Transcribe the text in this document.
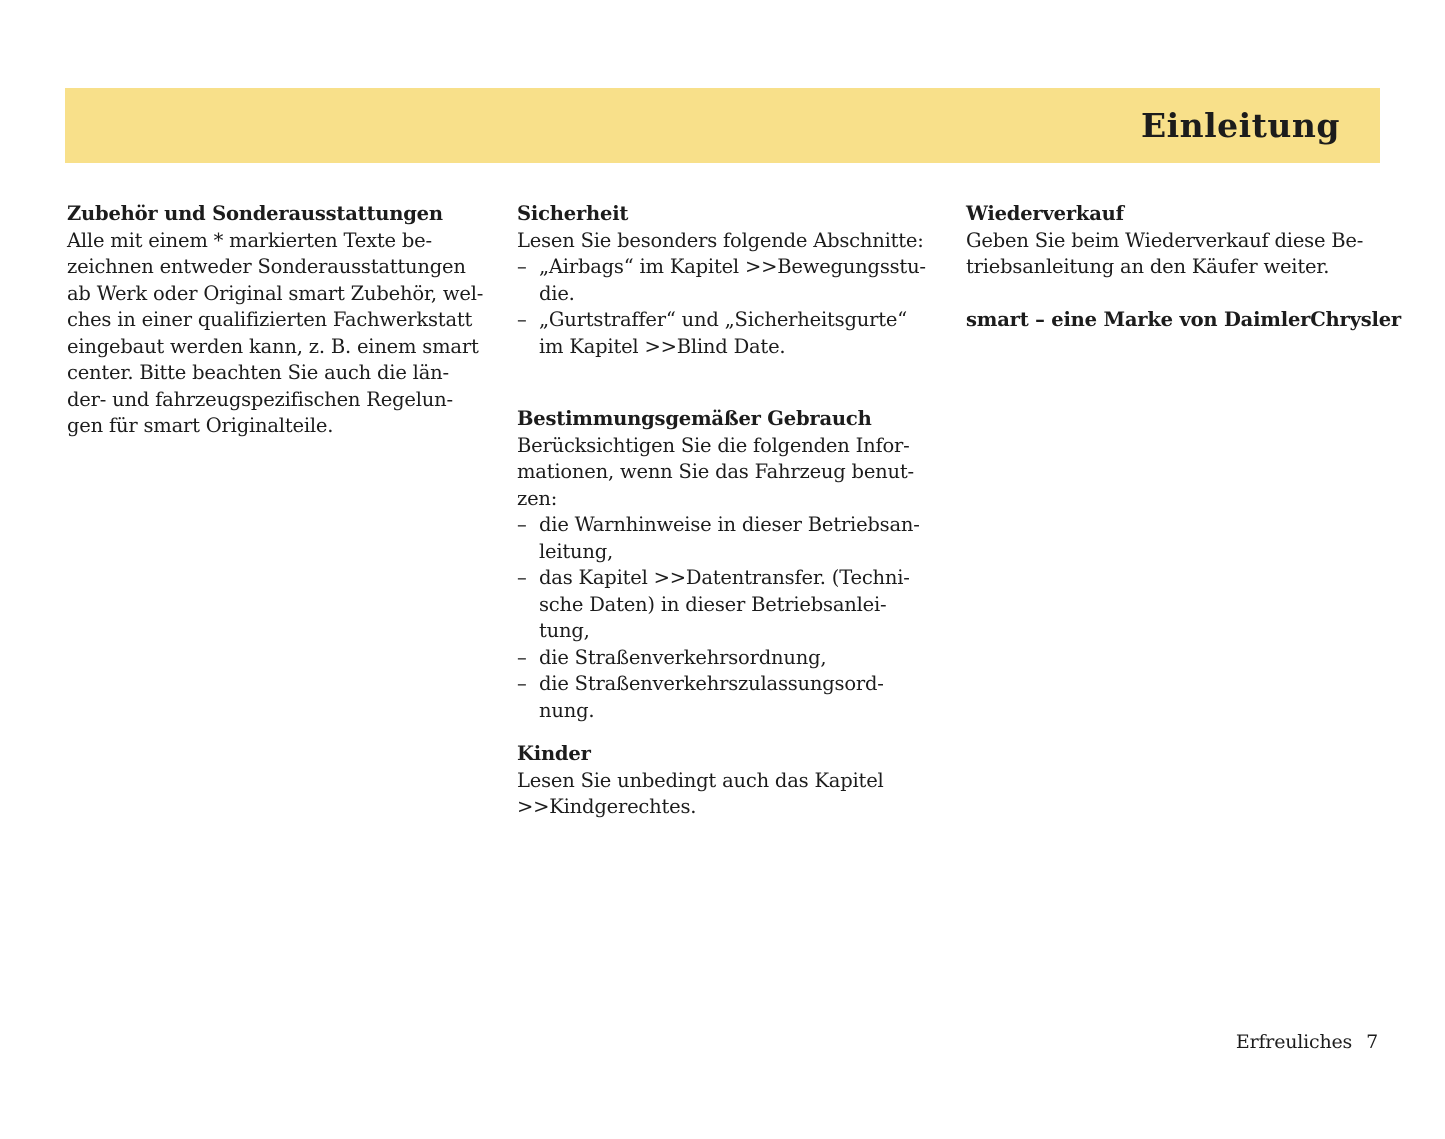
Einleitung
Zubehör und Sonderausstattungen
Alle mit einem * markierten Texte be-
zeichnen entweder Sonderausstattungen
ab Werk oder Original smart Zubehör, wel-
ches in einer qualifizierten Fachwerkstatt
eingebaut werden kann, z. B. einem smart
center. Bitte beachten Sie auch die län-
der- und fahrzeugspezifischen Regelun-
gen für smart Originalteile.
Sicherheit
Lesen Sie besonders folgende Abschnitte:
– „Airbags“ im Kapitel >>Bewegungsstu-
die.
– „Gurtstraffer“ und „Sicherheitsgurte“
im Kapitel >>Blind Date.
Bestimmungsgemäßer Gebrauch
Berücksichtigen Sie die folgenden Infor-
mationen, wenn Sie das Fahrzeug benut-
zen:
– die Warnhinweise in dieser Betriebsan-
leitung,
– das Kapitel >>Datentransfer. (Techni-
sche Daten) in dieser Betriebsanlei-
tung,
– die Straßenverkehrsordnung,
– die Straßenverkehrszulassungsord-
nung.
Kinder
Lesen Sie unbedingt auch das Kapitel
>>Kindgerechtes.
Wiederverkauf
Geben Sie beim Wiederverkauf diese Be-
triebsanleitung an den Käufer weiter.
smart – eine Marke von DaimlerChrysler
Erfreuliches 7
